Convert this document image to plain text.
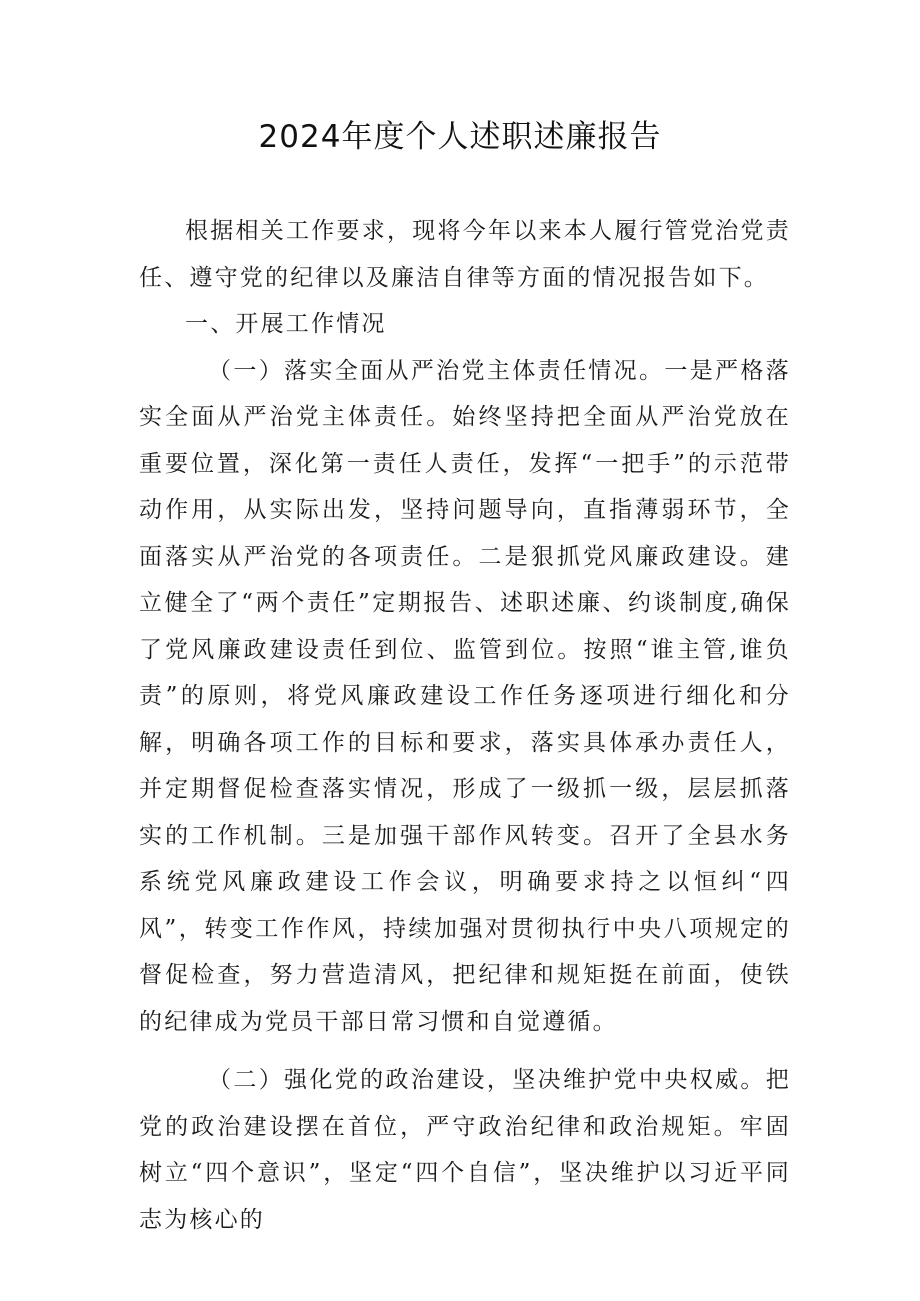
2024年度个人述职述廉报告

根据相关工作要求，现将今年以来本人履行管党治党责任、遵守党的纪律以及廉洁自律等方面的情况报告如下。

一、开展工作情况

（一）落实全面从严治党主体责任情况。一是严格落实全面从严治党主体责任。始终坚持把全面从严治党放在重要位置，深化第一责任人责任，发挥“一把手”的示范带动作用，从实际出发，坚持问题导向，直指薄弱环节，全面落实从严治党的各项责任。二是狠抓党风廉政建设。建立健全了“两个责任”定期报告、述职述廉、约谈制度,确保了党风廉政建设责任到位、监管到位。按照“谁主管,谁负责”的原则，将党风廉政建设工作任务逐项进行细化和分解，明确各项工作的目标和要求，落实具体承办责任人，并定期督促检查落实情况，形成了一级抓一级，层层抓落实的工作机制。三是加强干部作风转变。召开了全县水务系统党风廉政建设工作会议，明确要求持之以恒纠“四风”，转变工作作风，持续加强对贯彻执行中央八项规定的督促检查，努力营造清风，把纪律和规矩挺在前面，使铁的纪律成为党员干部日常习惯和自觉遵循。

（二）强化党的政治建设，坚决维护党中央权威。把党的政治建设摆在首位，严守政治纪律和政治规矩。牢固树立“四个意识”，坚定“四个自信”，坚决维护以习近平同志为核心的
